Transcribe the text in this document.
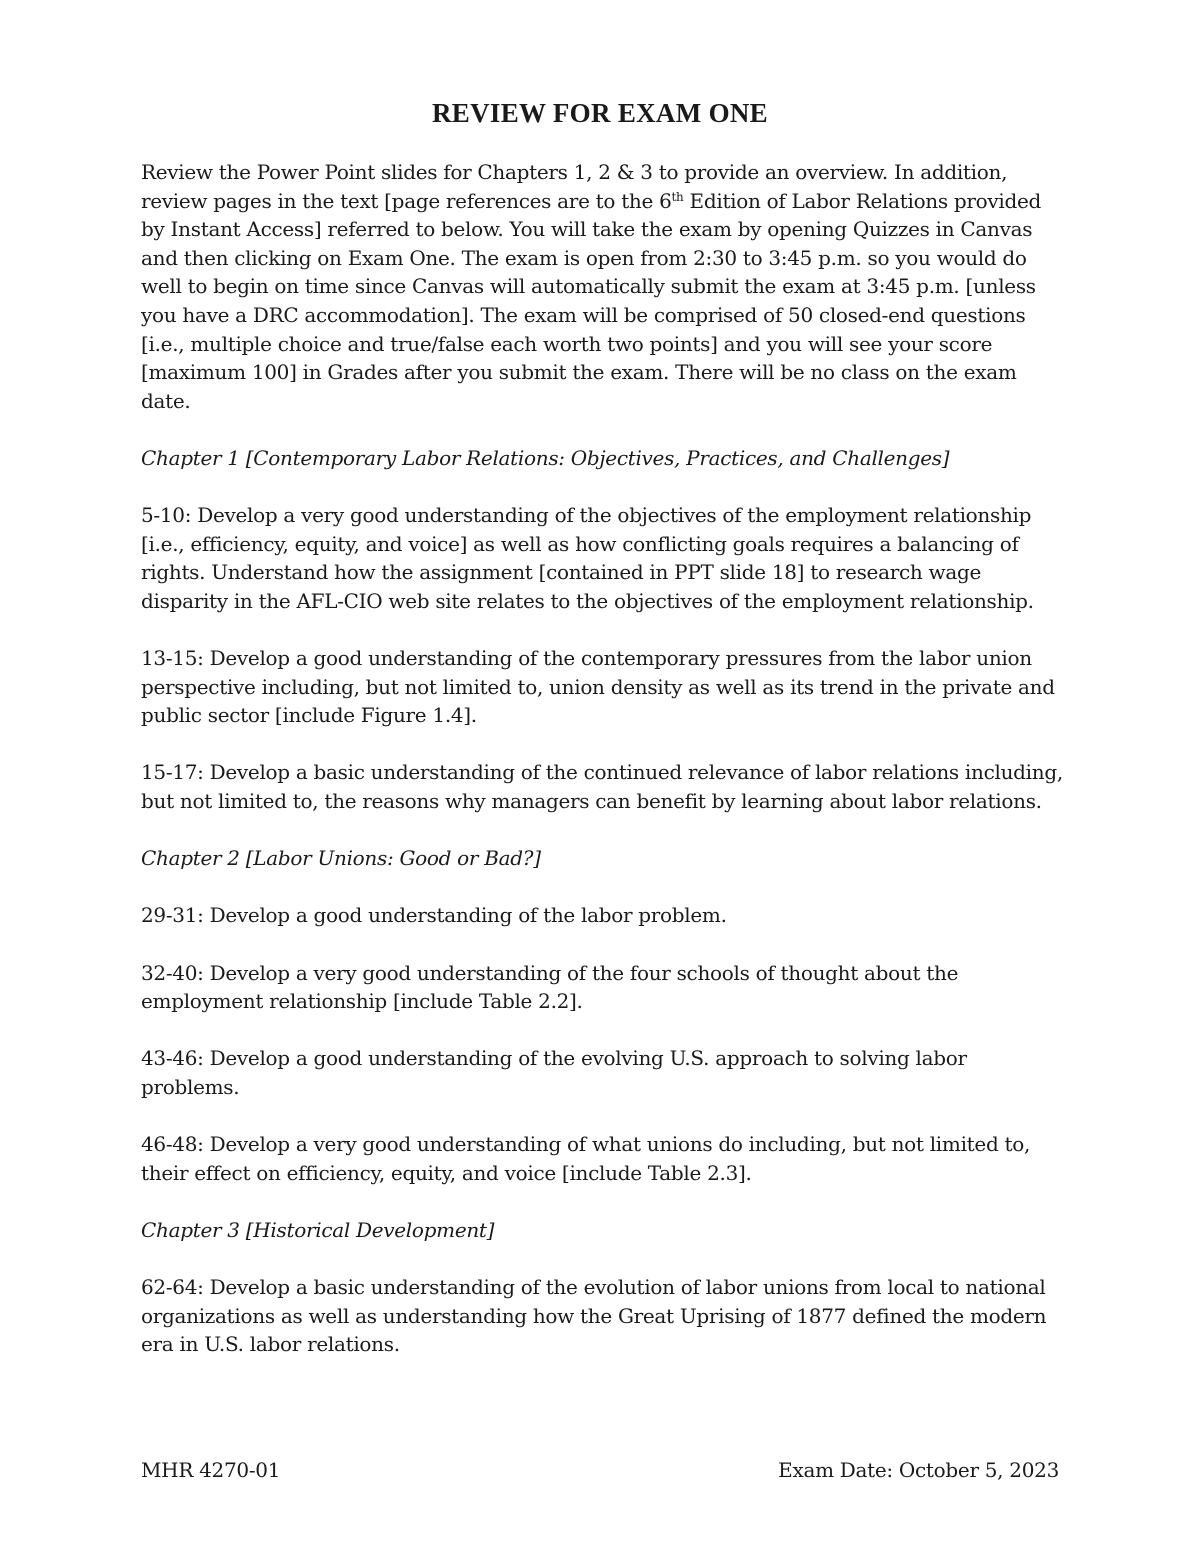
REVIEW FOR EXAM ONE

Review the Power Point slides for Chapters 1, 2 & 3 to provide an overview. In addition, review pages in the text [page references are to the 6th Edition of Labor Relations provided by Instant Access] referred to below. You will take the exam by opening Quizzes in Canvas and then clicking on Exam One. The exam is open from 2:30 to 3:45 p.m. so you would do well to begin on time since Canvas will automatically submit the exam at 3:45 p.m. [unless you have a DRC accommodation]. The exam will be comprised of 50 closed-end questions [i.e., multiple choice and true/false each worth two points] and you will see your score [maximum 100] in Grades after you submit the exam. There will be no class on the exam date.

Chapter 1 [Contemporary Labor Relations: Objectives, Practices, and Challenges]

5-10: Develop a very good understanding of the objectives of the employment relationship [i.e., efficiency, equity, and voice] as well as how conflicting goals requires a balancing of rights. Understand how the assignment [contained in PPT slide 18] to research wage disparity in the AFL-CIO web site relates to the objectives of the employment relationship.

13-15: Develop a good understanding of the contemporary pressures from the labor union perspective including, but not limited to, union density as well as its trend in the private and public sector [include Figure 1.4].

15-17: Develop a basic understanding of the continued relevance of labor relations including, but not limited to, the reasons why managers can benefit by learning about labor relations.

Chapter 2 [Labor Unions: Good or Bad?]

29-31: Develop a good understanding of the labor problem.

32-40: Develop a very good understanding of the four schools of thought about the employment relationship [include Table 2.2].

43-46: Develop a good understanding of the evolving U.S. approach to solving labor problems.

46-48: Develop a very good understanding of what unions do including, but not limited to, their effect on efficiency, equity, and voice [include Table 2.3].

Chapter 3 [Historical Development]

62-64: Develop a basic understanding of the evolution of labor unions from local to national organizations as well as understanding how the Great Uprising of 1877 defined the modern era in U.S. labor relations.

MHR 4270-01	Exam Date: October 5, 2023
